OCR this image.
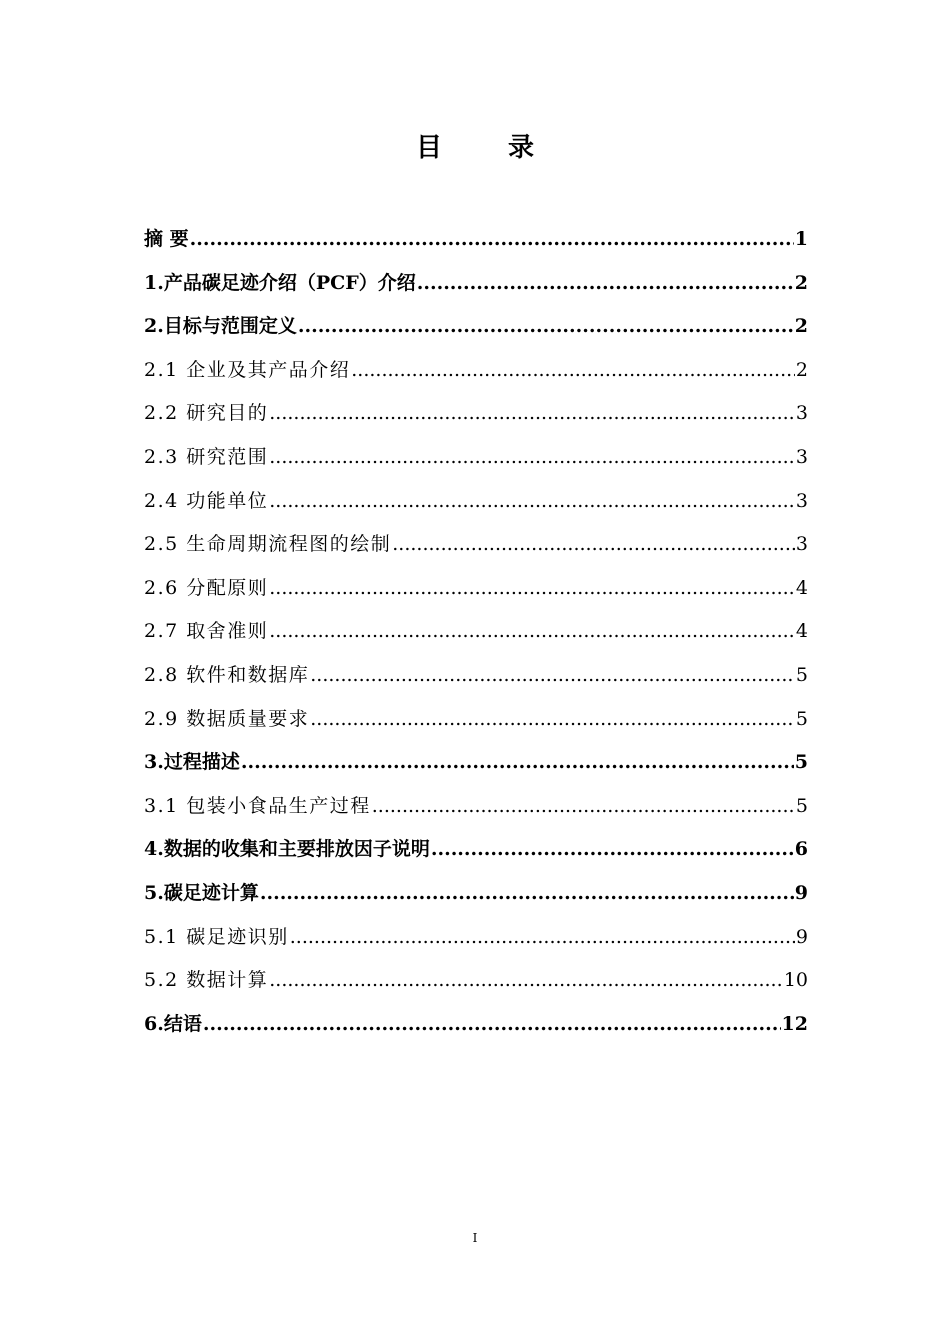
目　录
摘 要 .....	1
1.产品碳足迹介绍（PCF）介绍 .....	2
2.目标与范围定义 .....	2
2.1 企业及其产品介绍 .....	2
2.2 研究目的 .....	3
2.3 研究范围 .....	3
2.4 功能单位 .....	3
2.5 生命周期流程图的绘制 .....	3
2.6 分配原则 .....	4
2.7 取舍准则 .....	4
2.8 软件和数据库 .....	5
2.9 数据质量要求 .....	5
3.过程描述 .....	5
3.1 包装小食品生产过程 .....	5
4.数据的收集和主要排放因子说明 .....	6
5.碳足迹计算 .....	9
5.1 碳足迹识别 .....	9
5.2 数据计算 .....	10
6.结语 .....	12
I
